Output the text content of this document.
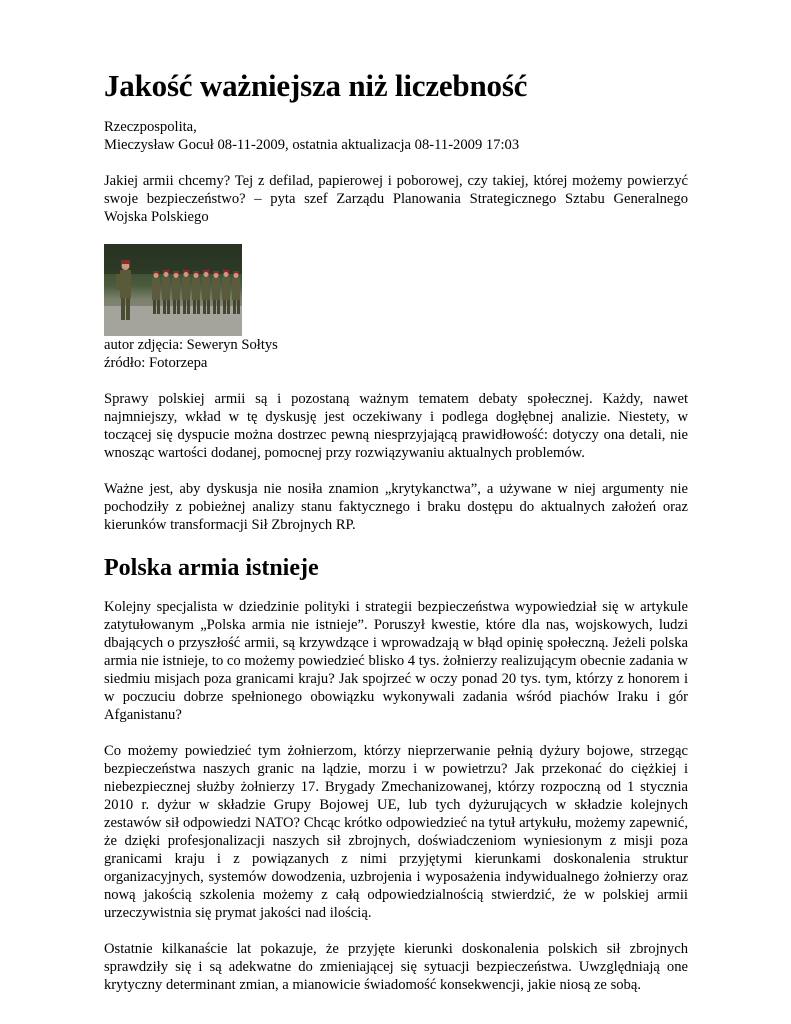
Jakość ważniejsza niż liczebność

Rzeczpospolita,
Mieczysław Gocuł 08-11-2009, ostatnia aktualizacja 08-11-2009 17:03

Jakiej armii chcemy? Tej z defilad, papierowej i poborowej, czy takiej, której możemy powierzyć swoje bezpieczeństwo? – pyta szef Zarządu Planowania Strategicznego Sztabu Generalnego Wojska Polskiego

autor zdjęcia: Seweryn Sołtys
źródło: Fotorzepa

Sprawy polskiej armii są i pozostaną ważnym tematem debaty społecznej. Każdy, nawet najmniejszy, wkład w tę dyskusję jest oczekiwany i podlega dogłębnej analizie. Niestety, w toczącej się dyspucie można dostrzec pewną niesprzyjającą prawidłowość: dotyczy ona detali, nie wnosząc wartości dodanej, pomocnej przy rozwiązywaniu aktualnych problemów.

Ważne jest, aby dyskusja nie nosiła znamion „krytykanctwa”, a używane w niej argumenty nie pochodziły z pobieżnej analizy stanu faktycznego i braku dostępu do aktualnych założeń oraz kierunków transformacji Sił Zbrojnych RP.

Polska armia istnieje

Kolejny specjalista w dziedzinie polityki i strategii bezpieczeństwa wypowiedział się w artykule zatytułowanym „Polska armia nie istnieje”. Poruszył kwestie, które dla nas, wojskowych, ludzi dbających o przyszłość armii, są krzywdzące i wprowadzają w błąd opinię społeczną. Jeżeli polska armia nie istnieje, to co możemy powiedzieć blisko 4 tys. żołnierzy realizującym obecnie zadania w siedmiu misjach poza granicami kraju? Jak spojrzeć w oczy ponad 20 tys. tym, którzy z honorem i w poczuciu dobrze spełnionego obowiązku wykonywali zadania wśród piachów Iraku i gór Afganistanu?

Co możemy powiedzieć tym żołnierzom, którzy nieprzerwanie pełnią dyżury bojowe, strzegąc bezpieczeństwa naszych granic na lądzie, morzu i w powietrzu? Jak przekonać do ciężkiej i niebezpiecznej służby żołnierzy 17. Brygady Zmechanizowanej, którzy rozpoczną od 1 stycznia 2010 r. dyżur w składzie Grupy Bojowej UE, lub tych dyżurujących w składzie kolejnych zestawów sił odpowiedzi NATO? Chcąc krótko odpowiedzieć na tytuł artykułu, możemy zapewnić, że dzięki profesjonalizacji naszych sił zbrojnych, doświadczeniom wyniesionym z misji poza granicami kraju i z powiązanych z nimi przyjętymi kierunkami doskonalenia struktur organizacyjnych, systemów dowodzenia, uzbrojenia i wyposażenia indywidualnego żołnierzy oraz nową jakością szkolenia możemy z całą odpowiedzialnością stwierdzić, że w polskiej armii urzeczywistnia się prymat jakości nad ilością.

Ostatnie kilkanaście lat pokazuje, że przyjęte kierunki doskonalenia polskich sił zbrojnych sprawdziły się i są adekwatne do zmieniającej się sytuacji bezpieczeństwa. Uwzględniają one krytyczny determinant zmian, a mianowicie świadomość konsekwencji, jakie niosą ze sobą.
